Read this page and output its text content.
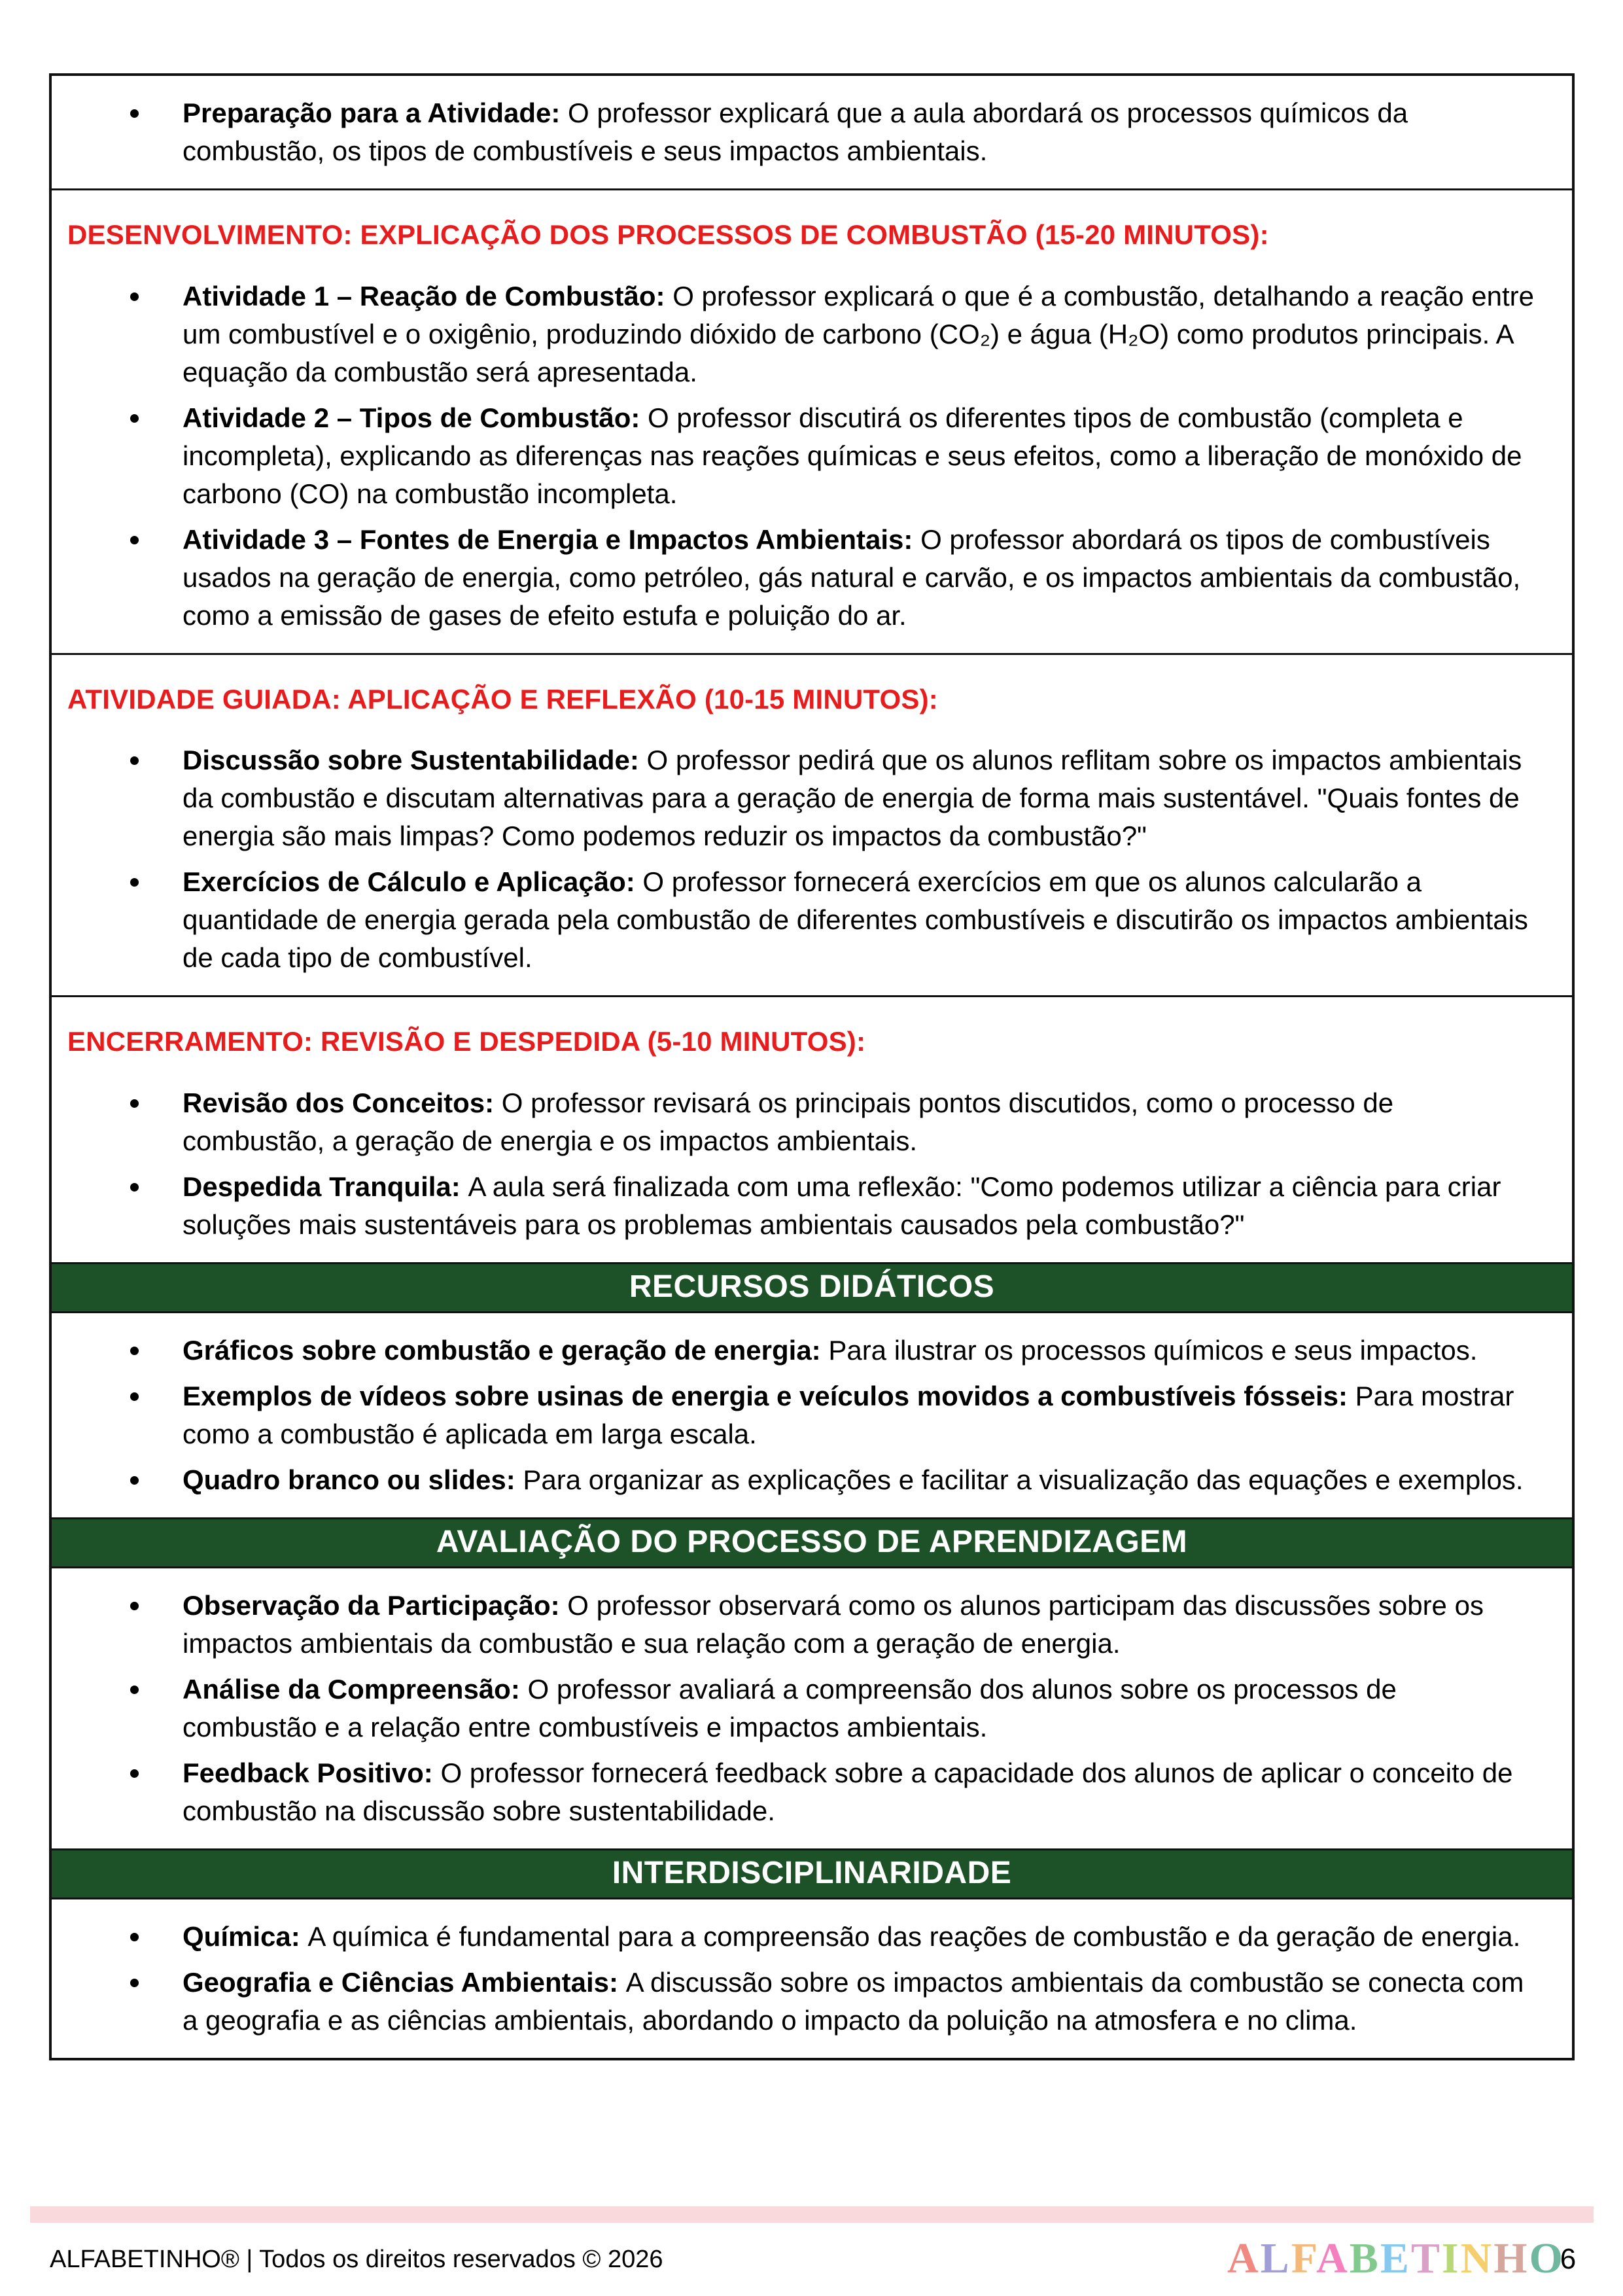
Preparação para a Atividade: O professor explicará que a aula abordará os processos químicos da combustão, os tipos de combustíveis e seus impactos ambientais.
DESENVOLVIMENTO: EXPLICAÇÃO DOS PROCESSOS DE COMBUSTÃO (15-20 MINUTOS):
Atividade 1 – Reação de Combustão: O professor explicará o que é a combustão, detalhando a reação entre um combustível e o oxigênio, produzindo dióxido de carbono (CO₂) e água (H₂O) como produtos principais. A equação da combustão será apresentada.
Atividade 2 – Tipos de Combustão: O professor discutirá os diferentes tipos de combustão (completa e incompleta), explicando as diferenças nas reações químicas e seus efeitos, como a liberação de monóxido de carbono (CO) na combustão incompleta.
Atividade 3 – Fontes de Energia e Impactos Ambientais: O professor abordará os tipos de combustíveis usados na geração de energia, como petróleo, gás natural e carvão, e os impactos ambientais da combustão, como a emissão de gases de efeito estufa e poluição do ar.
ATIVIDADE GUIADA: APLICAÇÃO E REFLEXÃO (10-15 MINUTOS):
Discussão sobre Sustentabilidade: O professor pedirá que os alunos reflitam sobre os impactos ambientais da combustão e discutam alternativas para a geração de energia de forma mais sustentável. "Quais fontes de energia são mais limpas? Como podemos reduzir os impactos da combustão?"
Exercícios de Cálculo e Aplicação: O professor fornecerá exercícios em que os alunos calcularão a quantidade de energia gerada pela combustão de diferentes combustíveis e discutirão os impactos ambientais de cada tipo de combustível.
ENCERRAMENTO: REVISÃO E DESPEDIDA (5-10 MINUTOS):
Revisão dos Conceitos: O professor revisará os principais pontos discutidos, como o processo de combustão, a geração de energia e os impactos ambientais.
Despedida Tranquila: A aula será finalizada com uma reflexão: "Como podemos utilizar a ciência para criar soluções mais sustentáveis para os problemas ambientais causados pela combustão?"
RECURSOS DIDÁTICOS
Gráficos sobre combustão e geração de energia: Para ilustrar os processos químicos e seus impactos.
Exemplos de vídeos sobre usinas de energia e veículos movidos a combustíveis fósseis: Para mostrar como a combustão é aplicada em larga escala.
Quadro branco ou slides: Para organizar as explicações e facilitar a visualização das equações e exemplos.
AVALIAÇÃO DO PROCESSO DE APRENDIZAGEM
Observação da Participação: O professor observará como os alunos participam das discussões sobre os impactos ambientais da combustão e sua relação com a geração de energia.
Análise da Compreensão: O professor avaliará a compreensão dos alunos sobre os processos de combustão e a relação entre combustíveis e impactos ambientais.
Feedback Positivo: O professor fornecerá feedback sobre a capacidade dos alunos de aplicar o conceito de combustão na discussão sobre sustentabilidade.
INTERDISCIPLINARIDADE
Química: A química é fundamental para a compreensão das reações de combustão e da geração de energia.
Geografia e Ciências Ambientais: A discussão sobre os impactos ambientais da combustão se conecta com a geografia e as ciências ambientais, abordando o impacto da poluição na atmosfera e no clima.
ALFABETINHO® | Todos os direitos reservados © 2026	ALFABETINHO
6
